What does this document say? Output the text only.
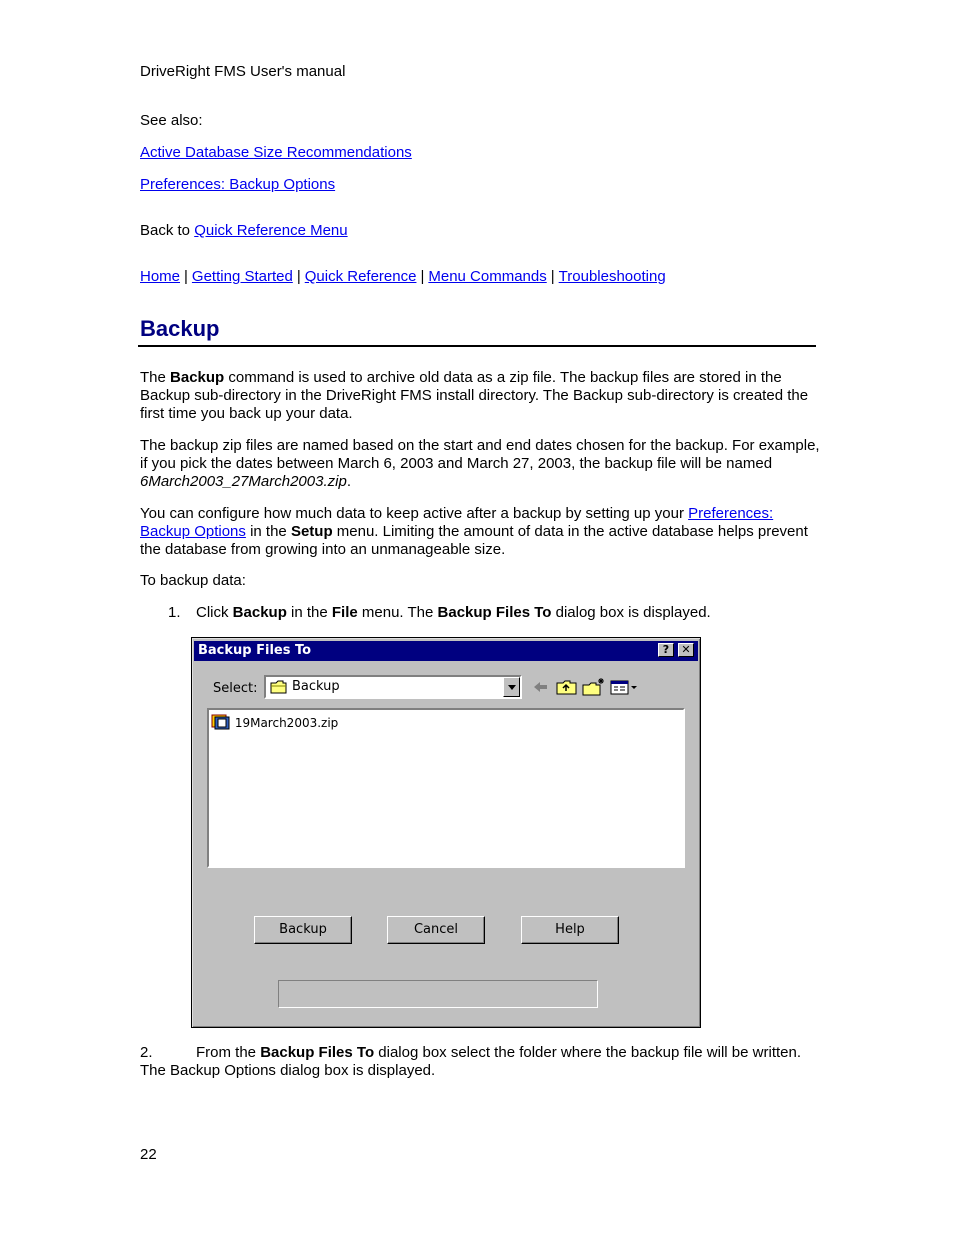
DriveRight FMS User's manual

See also:

Active Database Size Recommendations

Preferences: Backup Options

Back to Quick Reference Menu

Home | Getting Started | Quick Reference | Menu Commands | Troubleshooting

Backup

The Backup command is used to archive old data as a zip file. The backup files are stored in the Backup sub-directory in the DriveRight FMS install directory. The Backup sub-directory is created the first time you back up your data.

The backup zip files are named based on the start and end dates chosen for the backup. For example, if you pick the dates between March 6, 2003 and March 27, 2003, the backup file will be named 6March2003_27March2003.zip.

You can configure how much data to keep active after a backup by setting up your Preferences: Backup Options in the Setup menu. Limiting the amount of data in the active database helps prevent the database from growing into an unmanageable size.

To backup data:

1. Click Backup in the File menu. The Backup Files To dialog box is displayed.

Backup Files To	?	✕
Select:	Backup
19March2003.zip
Backup	Cancel	Help

2.	From the Backup Files To dialog box select the folder where the backup file will be written. The Backup Options dialog box is displayed.

22
